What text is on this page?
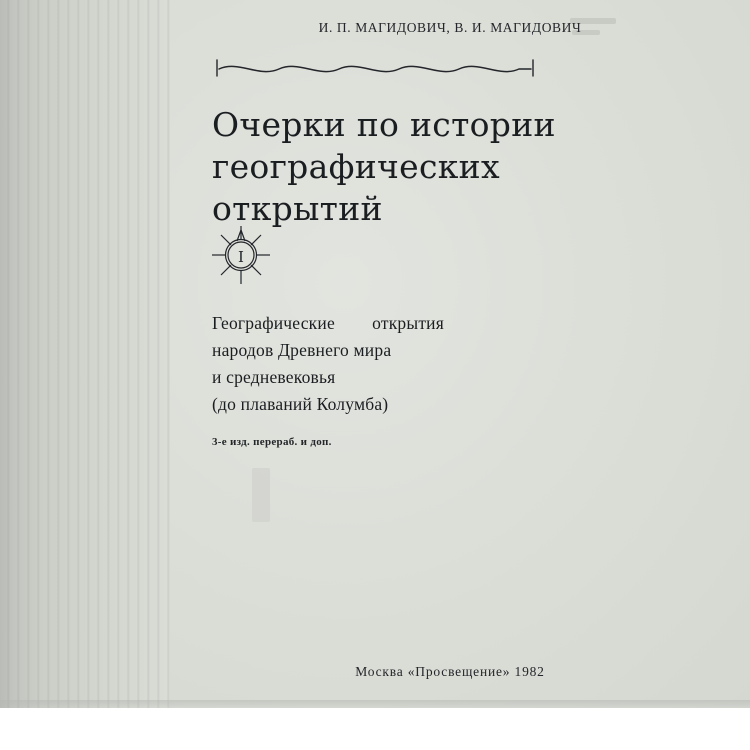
И. П. МАГИДОВИЧ, В. И. МАГИДОВИЧ
Очерки по истории
географических
открытий
I
Географические открытия
народов Древнего мира
и средневековья
(до плаваний Колумба)
3-е изд. перераб. и доп.
Москва «Просвещение» 1982
